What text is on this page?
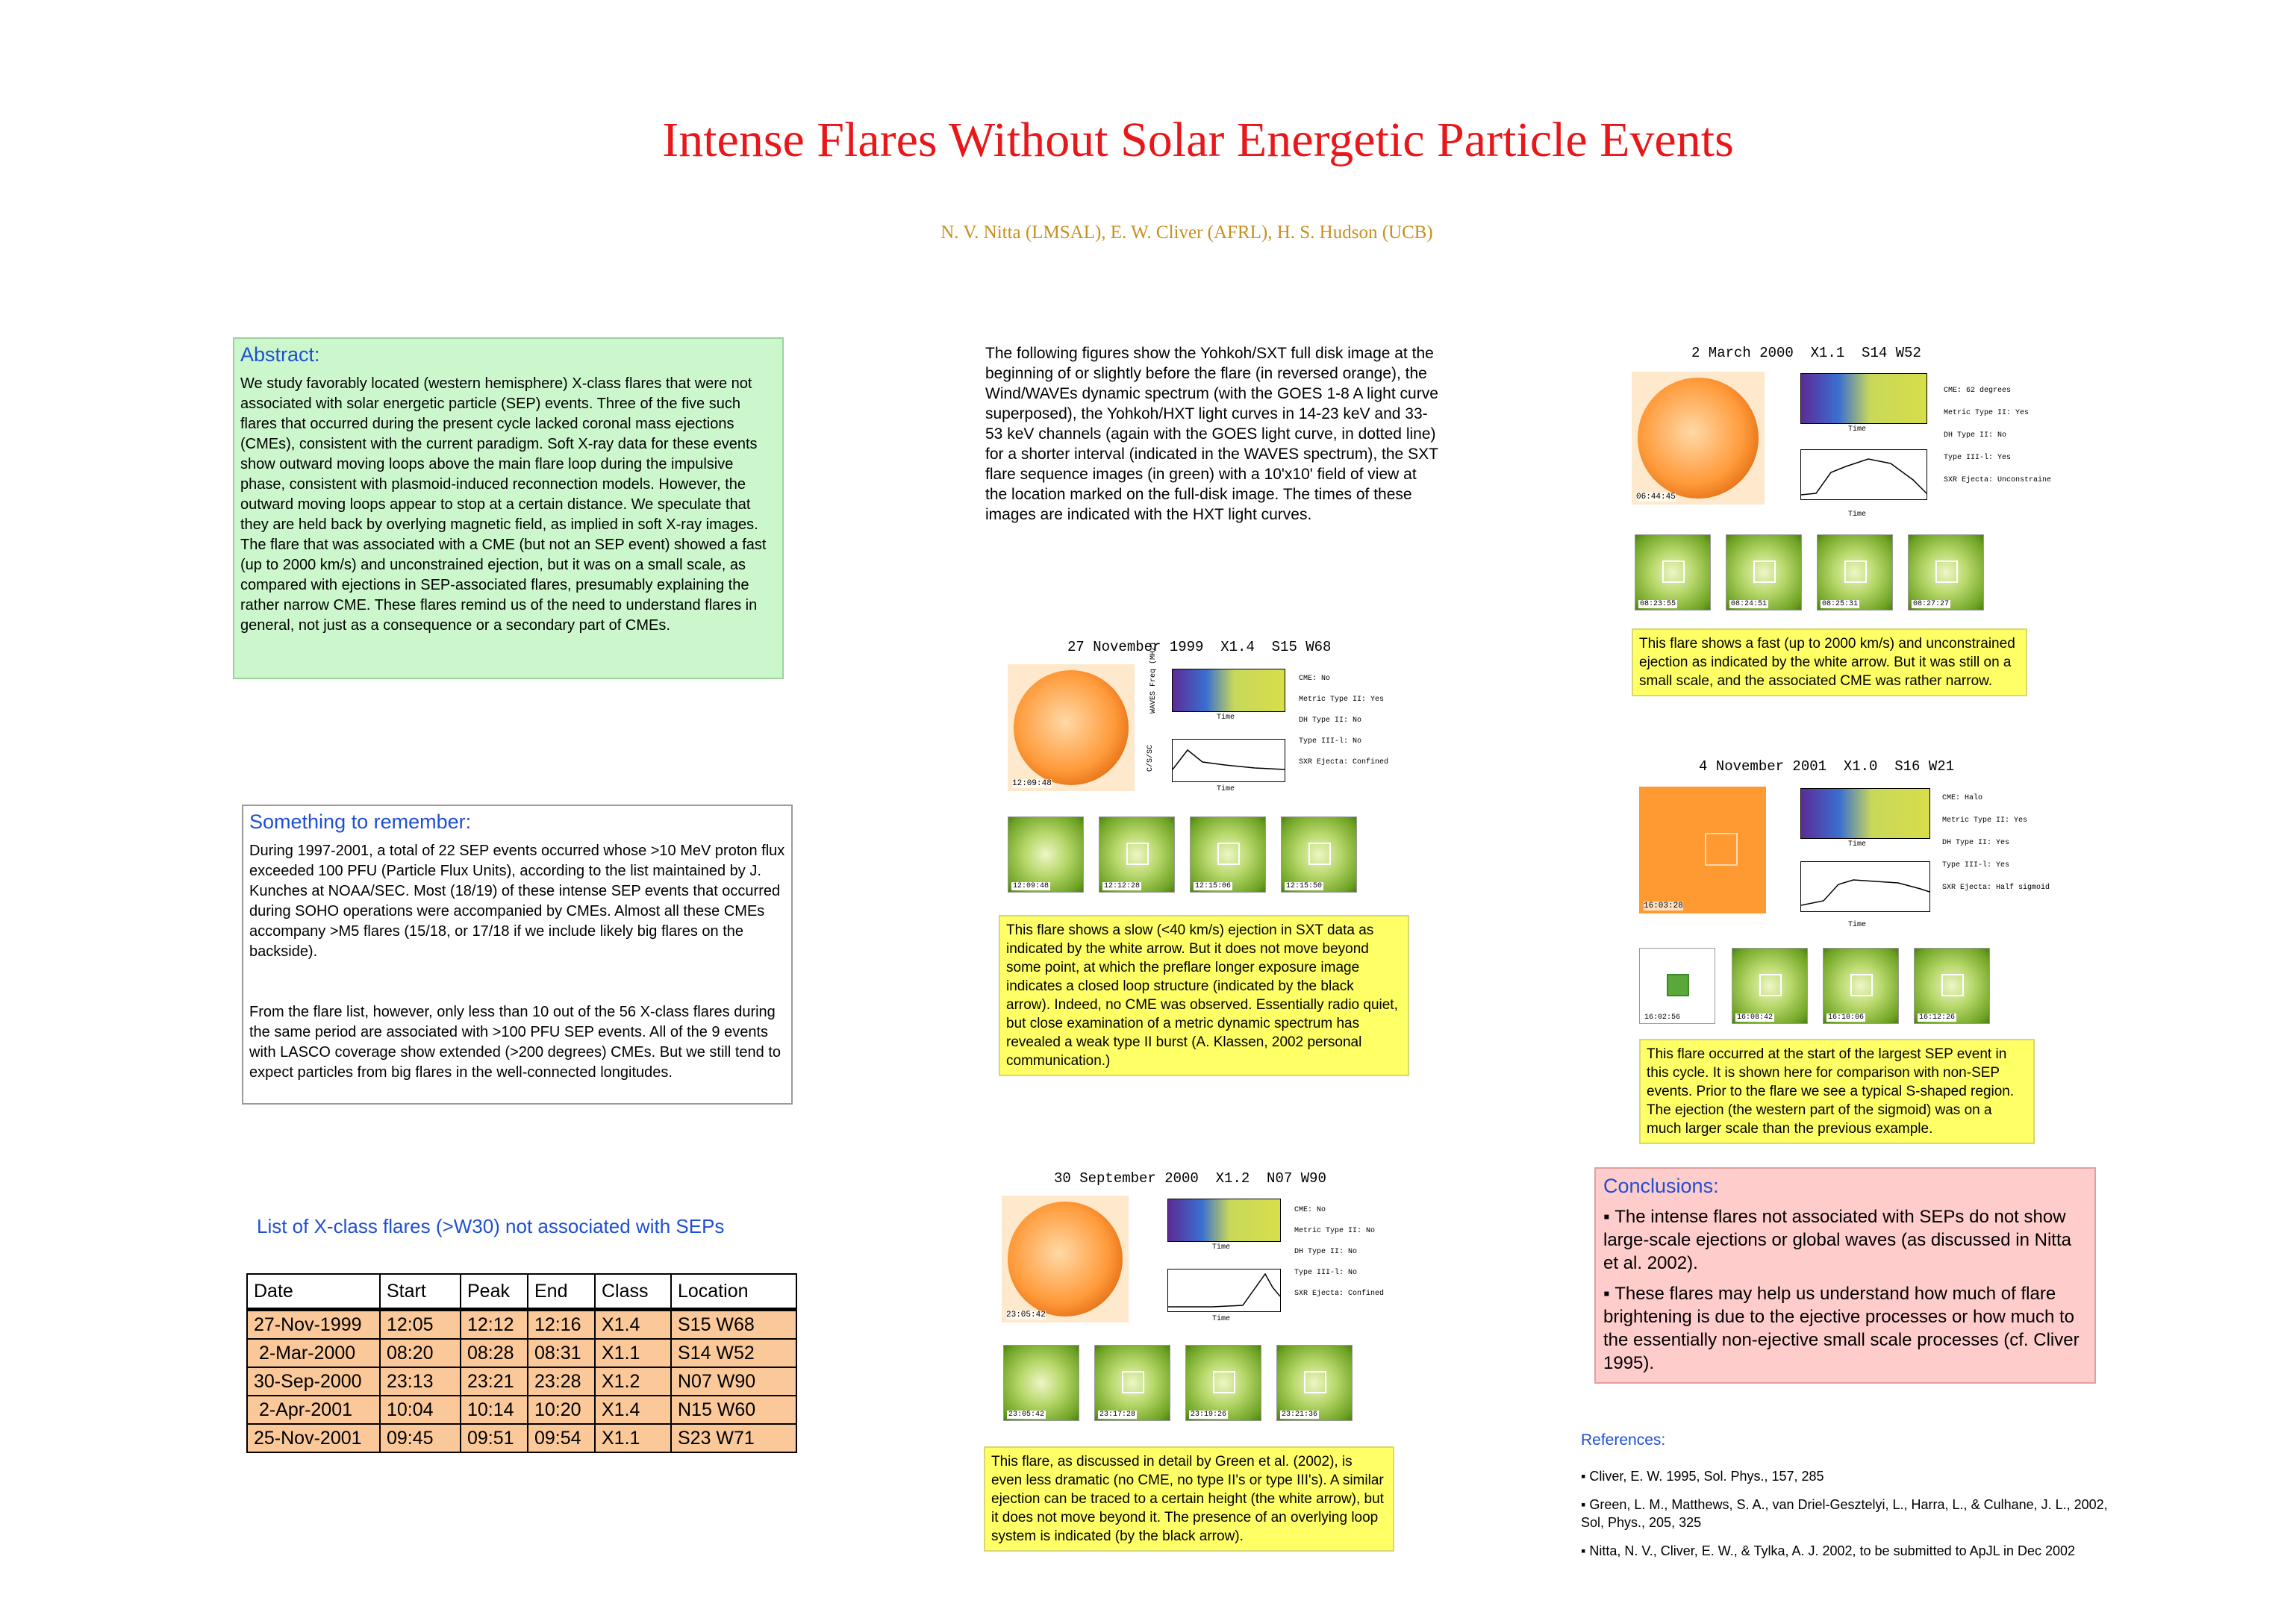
Intense Flares Without Solar Energetic Particle Events
N. V. Nitta (LMSAL), E. W. Cliver (AFRL), H. S. Hudson (UCB)
Abstract:

We study favorably located (western hemisphere) X-class flares that were not associated with solar energetic particle (SEP) events. Three of the five such flares that occurred during the present cycle lacked coronal mass ejections (CMEs), consistent with the current paradigm. Soft X-ray data for these events show outward moving loops above the main flare loop during the impulsive phase, consistent with plasmoid-induced reconnection models. However, the outward moving loops appear to stop at a certain distance. We speculate that they are held back by overlying magnetic field, as implied in soft X-ray images. The flare that was associated with a CME (but not an SEP event) showed a fast (up to 2000 km/s) and unconstrained ejection, but it was on a small scale, as compared with ejections in SEP-associated flares, presumably explaining the rather narrow CME. These flares remind us of the need to understand flares in general, not just as a consequence or a secondary part of CMEs.

Something to remember:

During 1997-2001, a total of 22 SEP events occurred whose >10 MeV proton flux exceeded 100 PFU (Particle Flux Units), according to the list maintained by J. Kunches at NOAA/SEC. Most (18/19) of these intense SEP events that occurred during SOHO operations were accompanied by CMEs. Almost all these CMEs accompany >M5 flares (15/18, or 17/18 if we include likely big flares on the backside).

From the flare list, however, only less than 10 out of the 56 X-class flares during the same period are associated with >100 PFU SEP events. All of the 9 events with LASCO coverage show extended (>200 degrees) CMEs. But we still tend to expect particles from big flares in the well-connected longitudes.

List of X-class flares (>W30) not associated with SEPs
Date	Start	Peak	End	Class	Location
27-Nov-1999	12:05	12:12	12:16	X1.4	S15 W68
2-Mar-2000	08:20	08:28	08:31	X1.1	S14 W52
30-Sep-2000	23:13	23:21	23:28	X1.2	N07 W90
2-Apr-2001	10:04	10:14	10:20	X1.4	N15 W60
25-Nov-2001	09:45	09:51	09:54	X1.1	S23 W71
The following figures show the Yohkoh/SXT full disk image at the beginning of or slightly before the flare (in reversed orange), the Wind/WAVEs dynamic spectrum (with the GOES 1-8 A light curve superposed), the Yohkoh/HXT light curves in 14-23 keV and 33-53 keV channels (again with the GOES light curve, in dotted line) for a shorter interval (indicated in the WAVES spectrum), the SXT flare sequence images (in green) with a 10'x10' field of view at the location marked on the full-disk image. The times of these images are indicated with the HXT light curves.
27 November 1999  X1.4  S15 W68
12:09:48
WAVES Freq (MHz)
Time
C/S/SC
Time
CME: No
Metric Type II: Yes
DH Type II: No
Type III-l: No
SXR Ejecta: Confined
12:09:48	12:12:28	12:15:06	12:15:50
This flare shows a slow (<40 km/s) ejection in SXT data as indicated by the white arrow. But it does not move beyond some point, at which the preflare longer exposure image indicates a closed loop structure (indicated by the black arrow). Indeed, no CME was observed. Essentially radio quiet, but close examination of a metric dynamic spectrum has revealed a weak type II burst (A. Klassen, 2002 personal communication.)
30 September 2000  X1.2  N07 W90
23:05:42
Time
Time
CME: No
Metric Type II: No
DH Type II: No
Type III-l: No
SXR Ejecta: Confined
23:05:42	23:17:28	23:19:26	23:21:36
This flare, as discussed in detail by Green et al. (2002), is even less dramatic (no CME, no type II's or type III's). A similar ejection can be traced to a certain height (the white arrow), but it does not move beyond it. The presence of an overlying loop system is indicated (by the black arrow).
2 March 2000  X1.1  S14 W52
06:44:45
Time
Time
CME: 62 degrees
Metric Type II: Yes
DH Type II: No
Type III-l: Yes
SXR Ejecta: Unconstraine
08:23:55	08:24:51	08:25:31	08:27:27
This flare shows a fast (up to 2000 km/s) and unconstrained ejection as indicated by the white arrow. But it was still on a small scale, and the associated CME was rather narrow.
4 November 2001  X1.0  S16 W21
16:03:28
Time
Time
CME: Halo
Metric Type II: Yes
DH Type II: Yes
Type III-l: Yes
SXR Ejecta: Half sigmoid
16:02:56	16:08:42	16:10:06	16:12:26
This flare occurred at the start of the largest SEP event in this cycle. It is shown here for comparison with non-SEP events. Prior to the flare we see a typical S-shaped region. The ejection (the western part of the sigmoid) was on a much larger scale than the previous example.
Conclusions:
▪ The intense flares not associated with SEPs do not show large-scale ejections or global waves (as discussed in Nitta et al. 2002).
▪ These flares may help us understand how much of flare brightening is due to the ejective processes or how much to the essentially non-ejective small scale processes (cf. Cliver 1995).
References:
▪ Cliver, E. W. 1995, Sol. Phys., 157, 285
▪ Green, L. M., Matthews, S. A., van Driel-Gesztelyi, L., Harra, L., & Culhane, J. L., 2002, Sol, Phys., 205, 325
▪ Nitta, N. V., Cliver, E. W., & Tylka, A. J. 2002, to be submitted to ApJL in Dec 2002
